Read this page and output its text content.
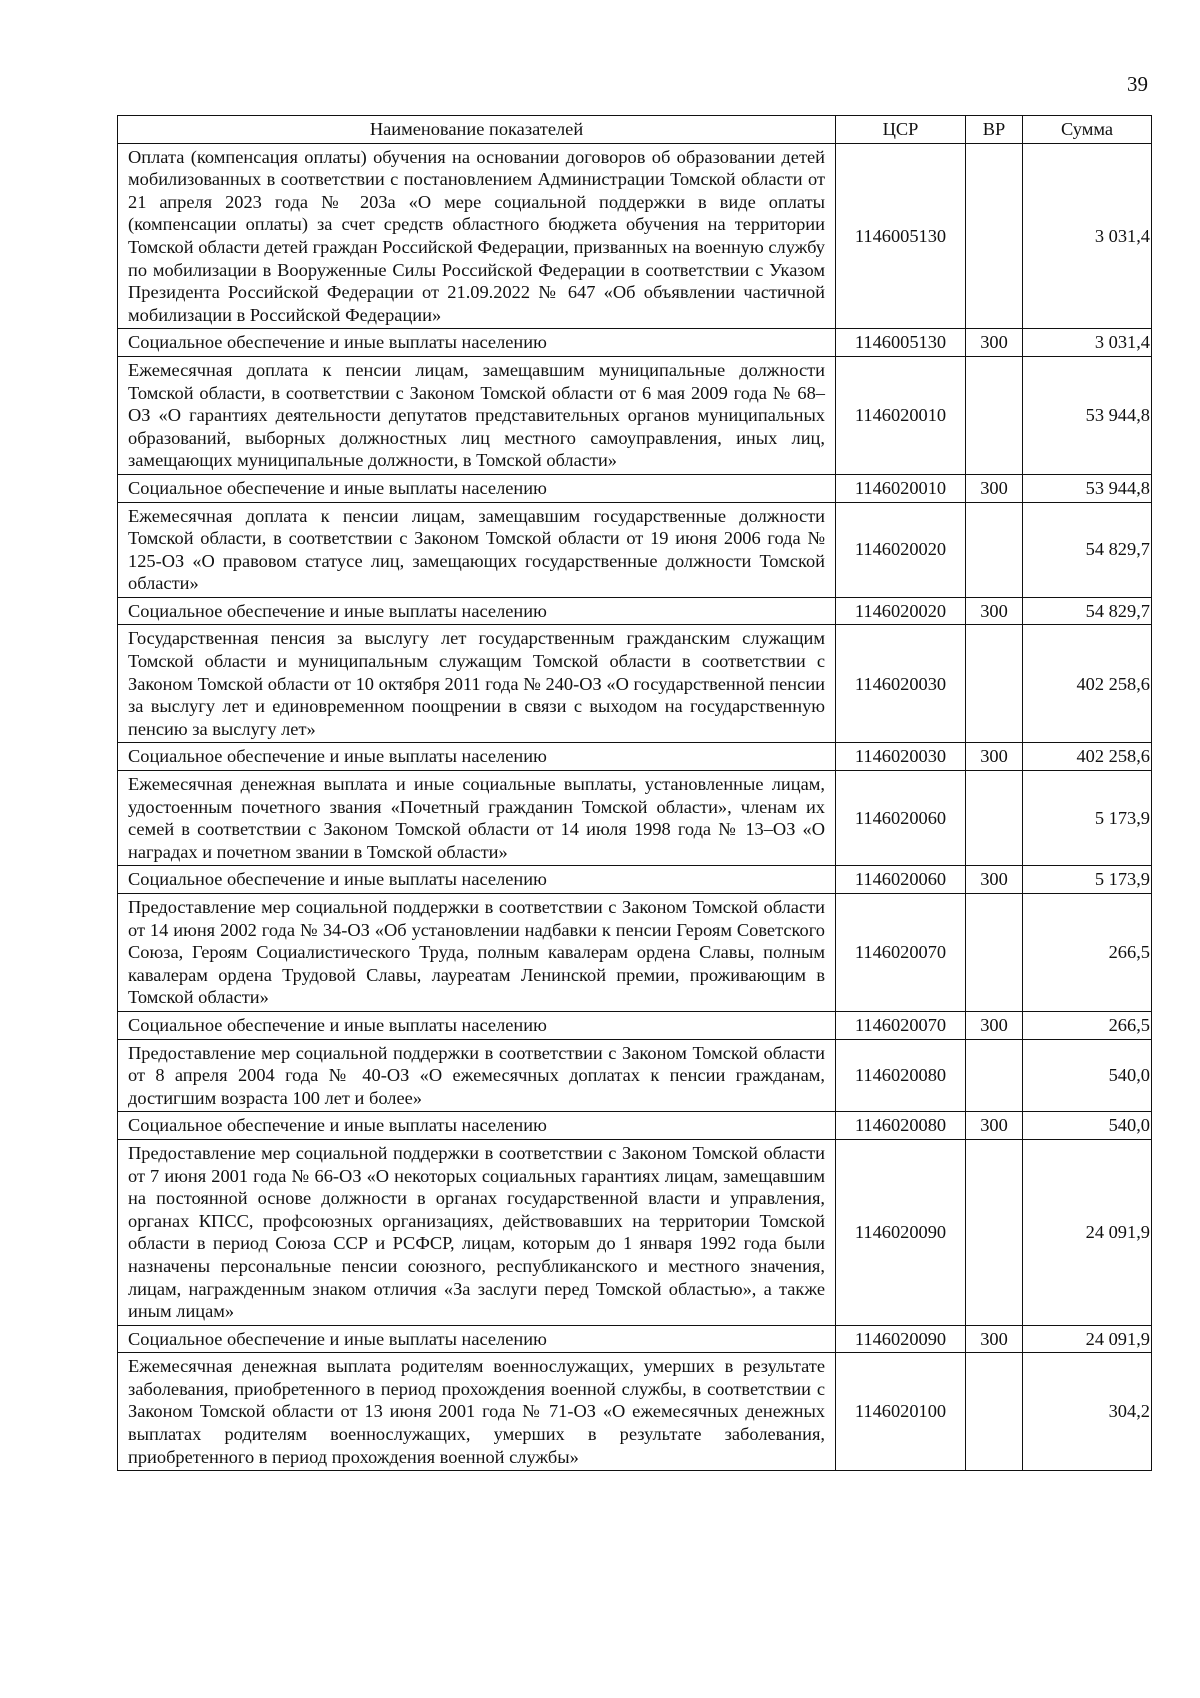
39
Наименование показателей	ЦСР	ВР	Сумма
Оплата (компенсация оплаты) обучения на основании договоров об образовании детей мобилизованных в соответствии с постановлением Администрации Томской области от 21 апреля 2023 года № 203а «О мере социальной поддержки в виде оплаты (компенсации оплаты) за счет средств областного бюджета обучения на территории Томской области детей граждан Российской Федерации, призванных на военную службу по мобилизации в Вооруженные Силы Российской Федерации в соответствии с Указом Президента Российской Федерации от 21.09.2022 № 647 «Об объявлении частичной мобилизации в Российской Федерации»	1146005130		3 031,4
Социальное обеспечение и иные выплаты населению	1146005130	300	3 031,4
Ежемесячная доплата к пенсии лицам, замещавшим муниципальные должности Томской области, в соответствии с Законом Томской области от 6 мая 2009 года № 68–ОЗ «О гарантиях деятельности депутатов представительных органов муниципальных образований, выборных должностных лиц местного самоуправления, иных лиц, замещающих муниципальные должности, в Томской области»	1146020010		53 944,8
Социальное обеспечение и иные выплаты населению	1146020010	300	53 944,8
Ежемесячная доплата к пенсии лицам, замещавшим государственные должности Томской области, в соответствии с Законом Томской области от 19 июня 2006 года № 125-ОЗ «О правовом статусе лиц, замещающих государственные должности Томской области»	1146020020		54 829,7
Социальное обеспечение и иные выплаты населению	1146020020	300	54 829,7
Государственная пенсия за выслугу лет государственным гражданским служащим Томской области и муниципальным служащим Томской области в соответствии с Законом Томской области от 10 октября 2011 года № 240-ОЗ «О государственной пенсии за выслугу лет и единовременном поощрении в связи с выходом на государственную пенсию за выслугу лет»	1146020030		402 258,6
Социальное обеспечение и иные выплаты населению	1146020030	300	402 258,6
Ежемесячная денежная выплата и иные социальные выплаты, установленные лицам, удостоенным почетного звания «Почетный гражданин Томской области», членам их семей в соответствии с Законом Томской области от 14 июля 1998 года № 13–ОЗ «О наградах и почетном звании в Томской области»	1146020060		5 173,9
Социальное обеспечение и иные выплаты населению	1146020060	300	5 173,9
Предоставление мер социальной поддержки в соответствии с Законом Томской области от 14 июня 2002 года № 34-ОЗ «Об установлении надбавки к пенсии Героям Советского Союза, Героям Социалистического Труда, полным кавалерам ордена Славы, полным кавалерам ордена Трудовой Славы, лауреатам Ленинской премии, проживающим в Томской области»	1146020070		266,5
Социальное обеспечение и иные выплаты населению	1146020070	300	266,5
Предоставление мер социальной поддержки в соответствии с Законом Томской области от 8 апреля 2004 года № 40-ОЗ «О ежемесячных доплатах к пенсии гражданам, достигшим возраста 100 лет и более»	1146020080		540,0
Социальное обеспечение и иные выплаты населению	1146020080	300	540,0
Предоставление мер социальной поддержки в соответствии с Законом Томской области от 7 июня 2001 года № 66-ОЗ «О некоторых социальных гарантиях лицам, замещавшим на постоянной основе должности в органах государственной власти и управления, органах КПСС, профсоюзных организациях, действовавших на территории Томской области в период Союза ССР и РСФСР, лицам, которым до 1 января 1992 года были назначены персональные пенсии союзного, республиканского и местного значения, лицам, награжденным знаком отличия «За заслуги перед Томской областью», а также иным лицам»	1146020090		24 091,9
Социальное обеспечение и иные выплаты населению	1146020090	300	24 091,9
Ежемесячная денежная выплата родителям военнослужащих, умерших в результате заболевания, приобретенного в период прохождения военной службы, в соответствии с Законом Томской области от 13 июня 2001 года № 71-ОЗ «О ежемесячных денежных выплатах родителям военнослужащих, умерших в результате заболевания, приобретенного в период прохождения военной службы»	1146020100		304,2
